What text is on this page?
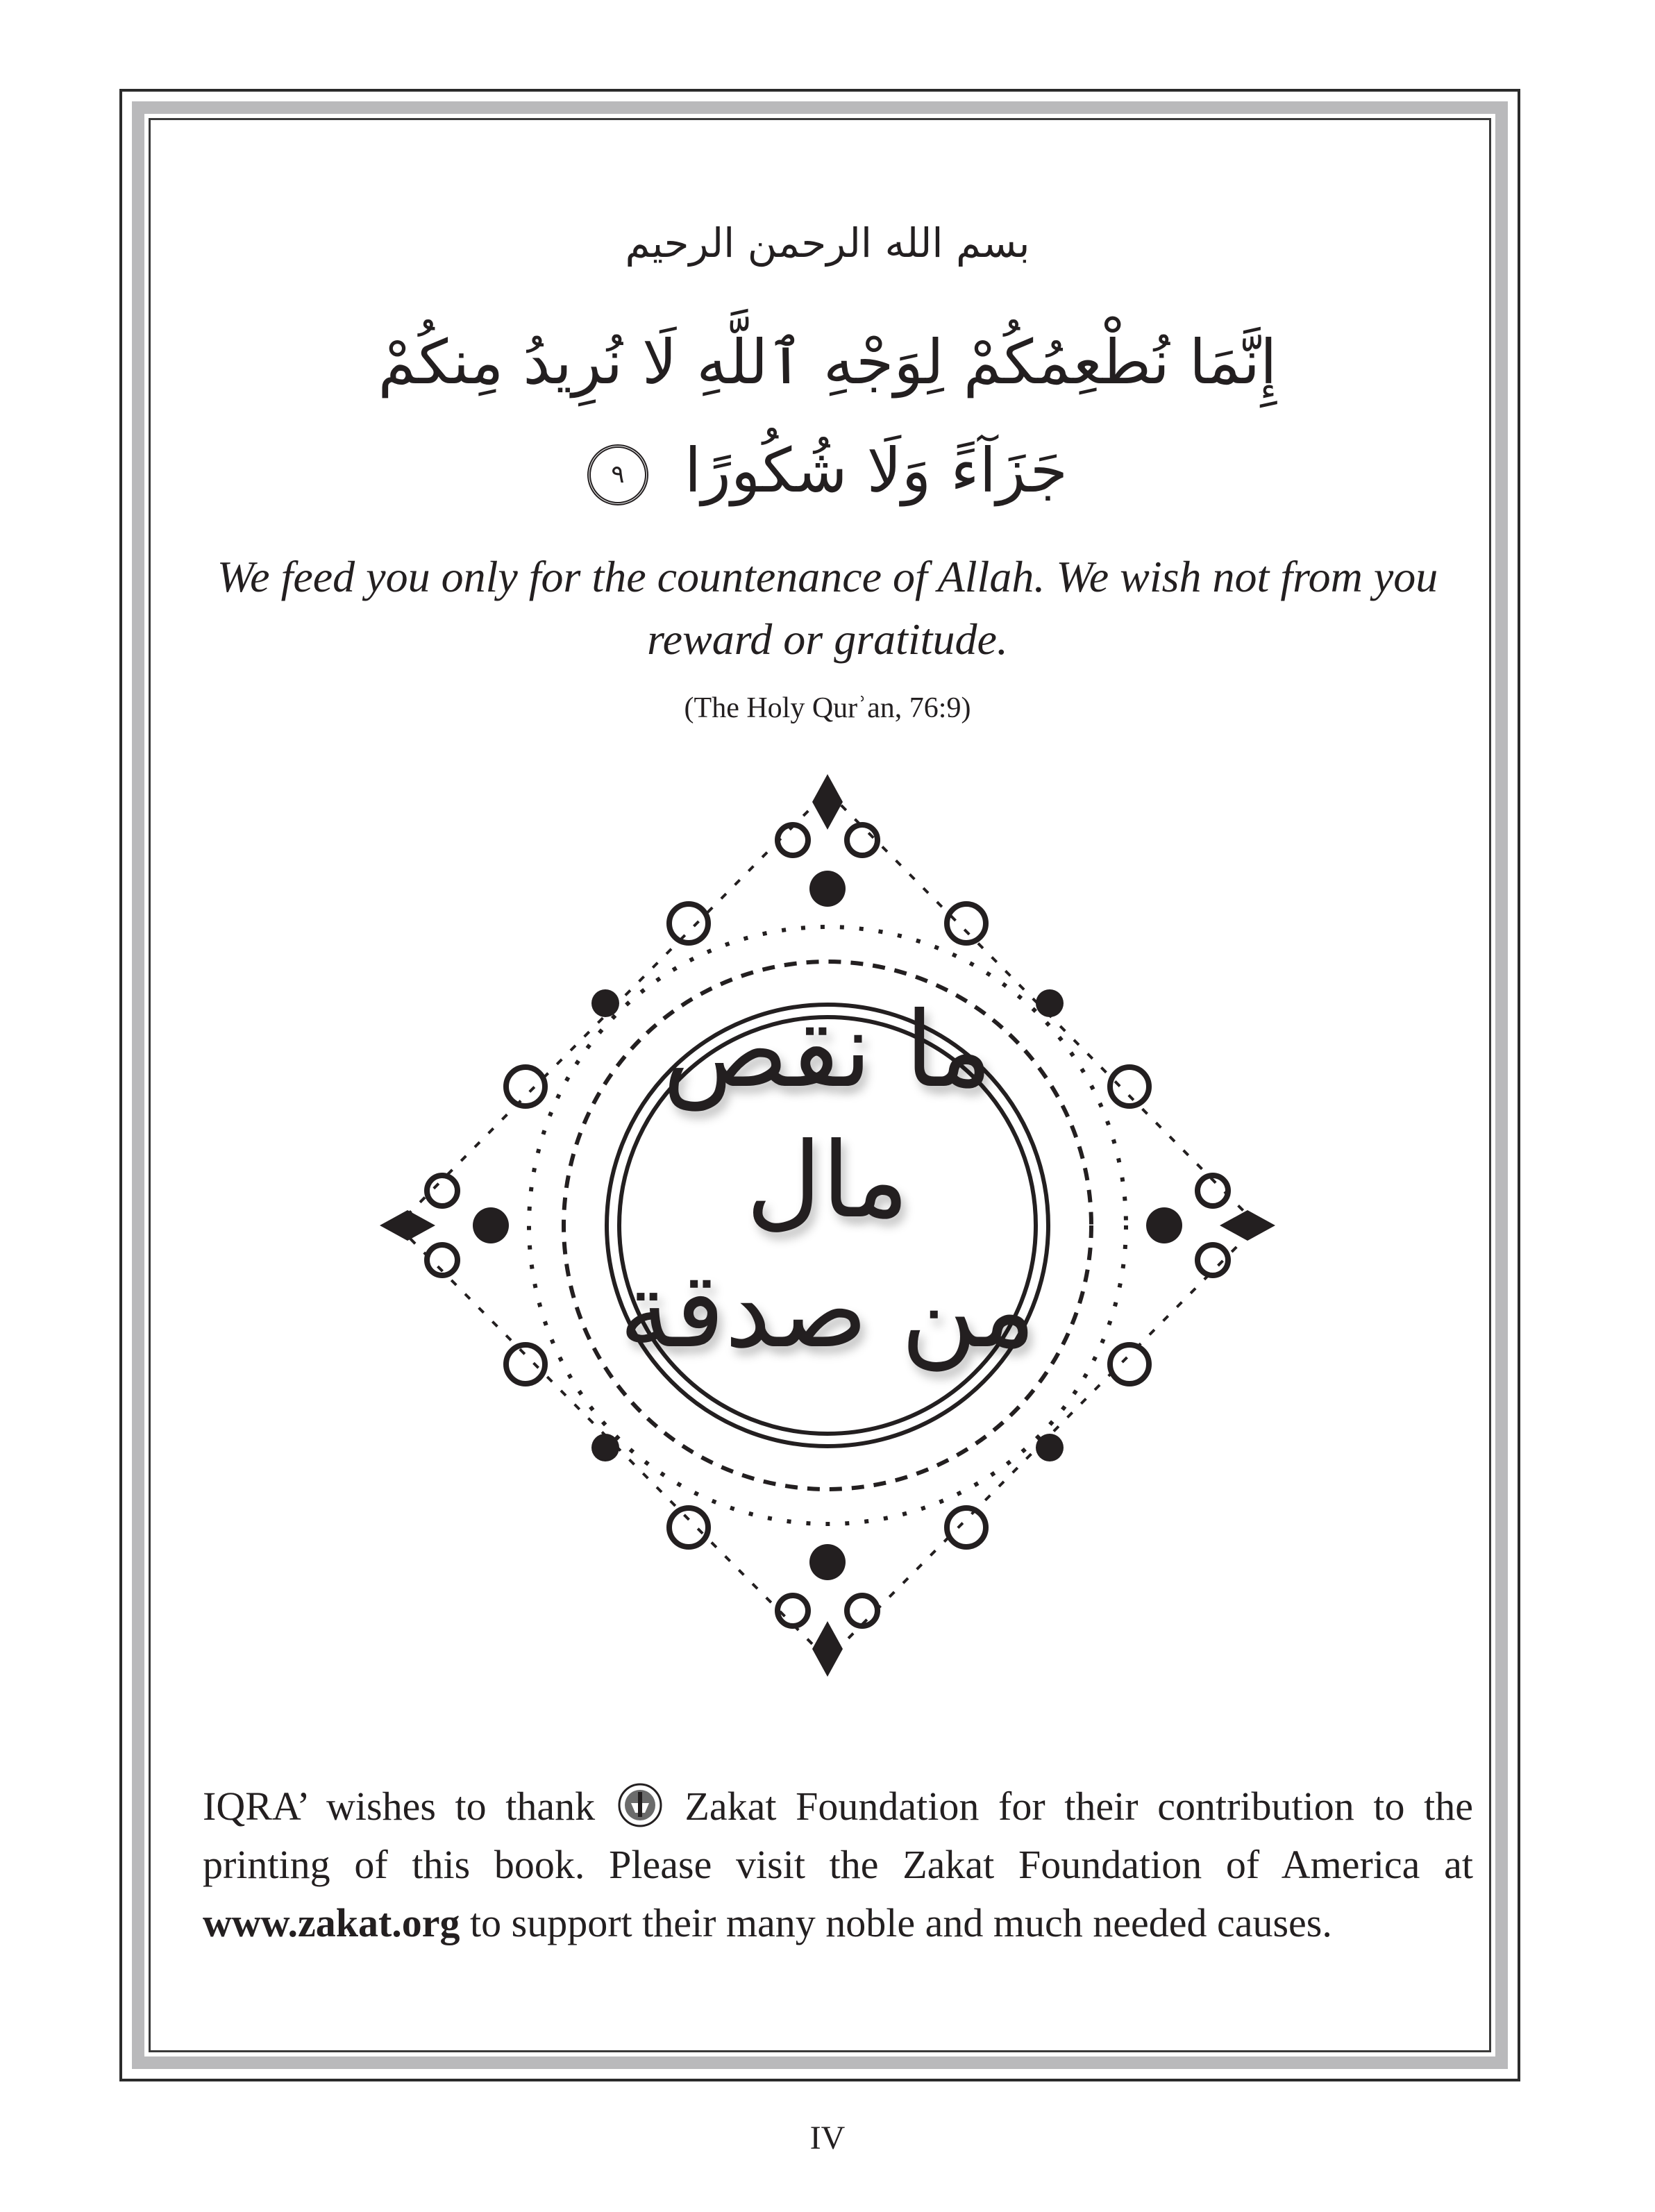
بسم الله الرحمن الرحيم
إِنَّمَا نُطْعِمُكُمْ لِوَجْهِ ٱللَّهِ لَا نُرِيدُ مِنكُمْ
جَزَآءً وَلَا شُكُورًا ٩
We feed you only for the countenance of Allah. We wish not from you reward or gratitude.
(The Holy Qurʾan, 76:9)
ما نقص مال
من صدقة
IQRA’ wishes to thank Zakat Foundation for their contribution to the printing of this book. Please visit the Zakat Foundation of America at www.zakat.org to support their many noble and much needed causes.
IV
